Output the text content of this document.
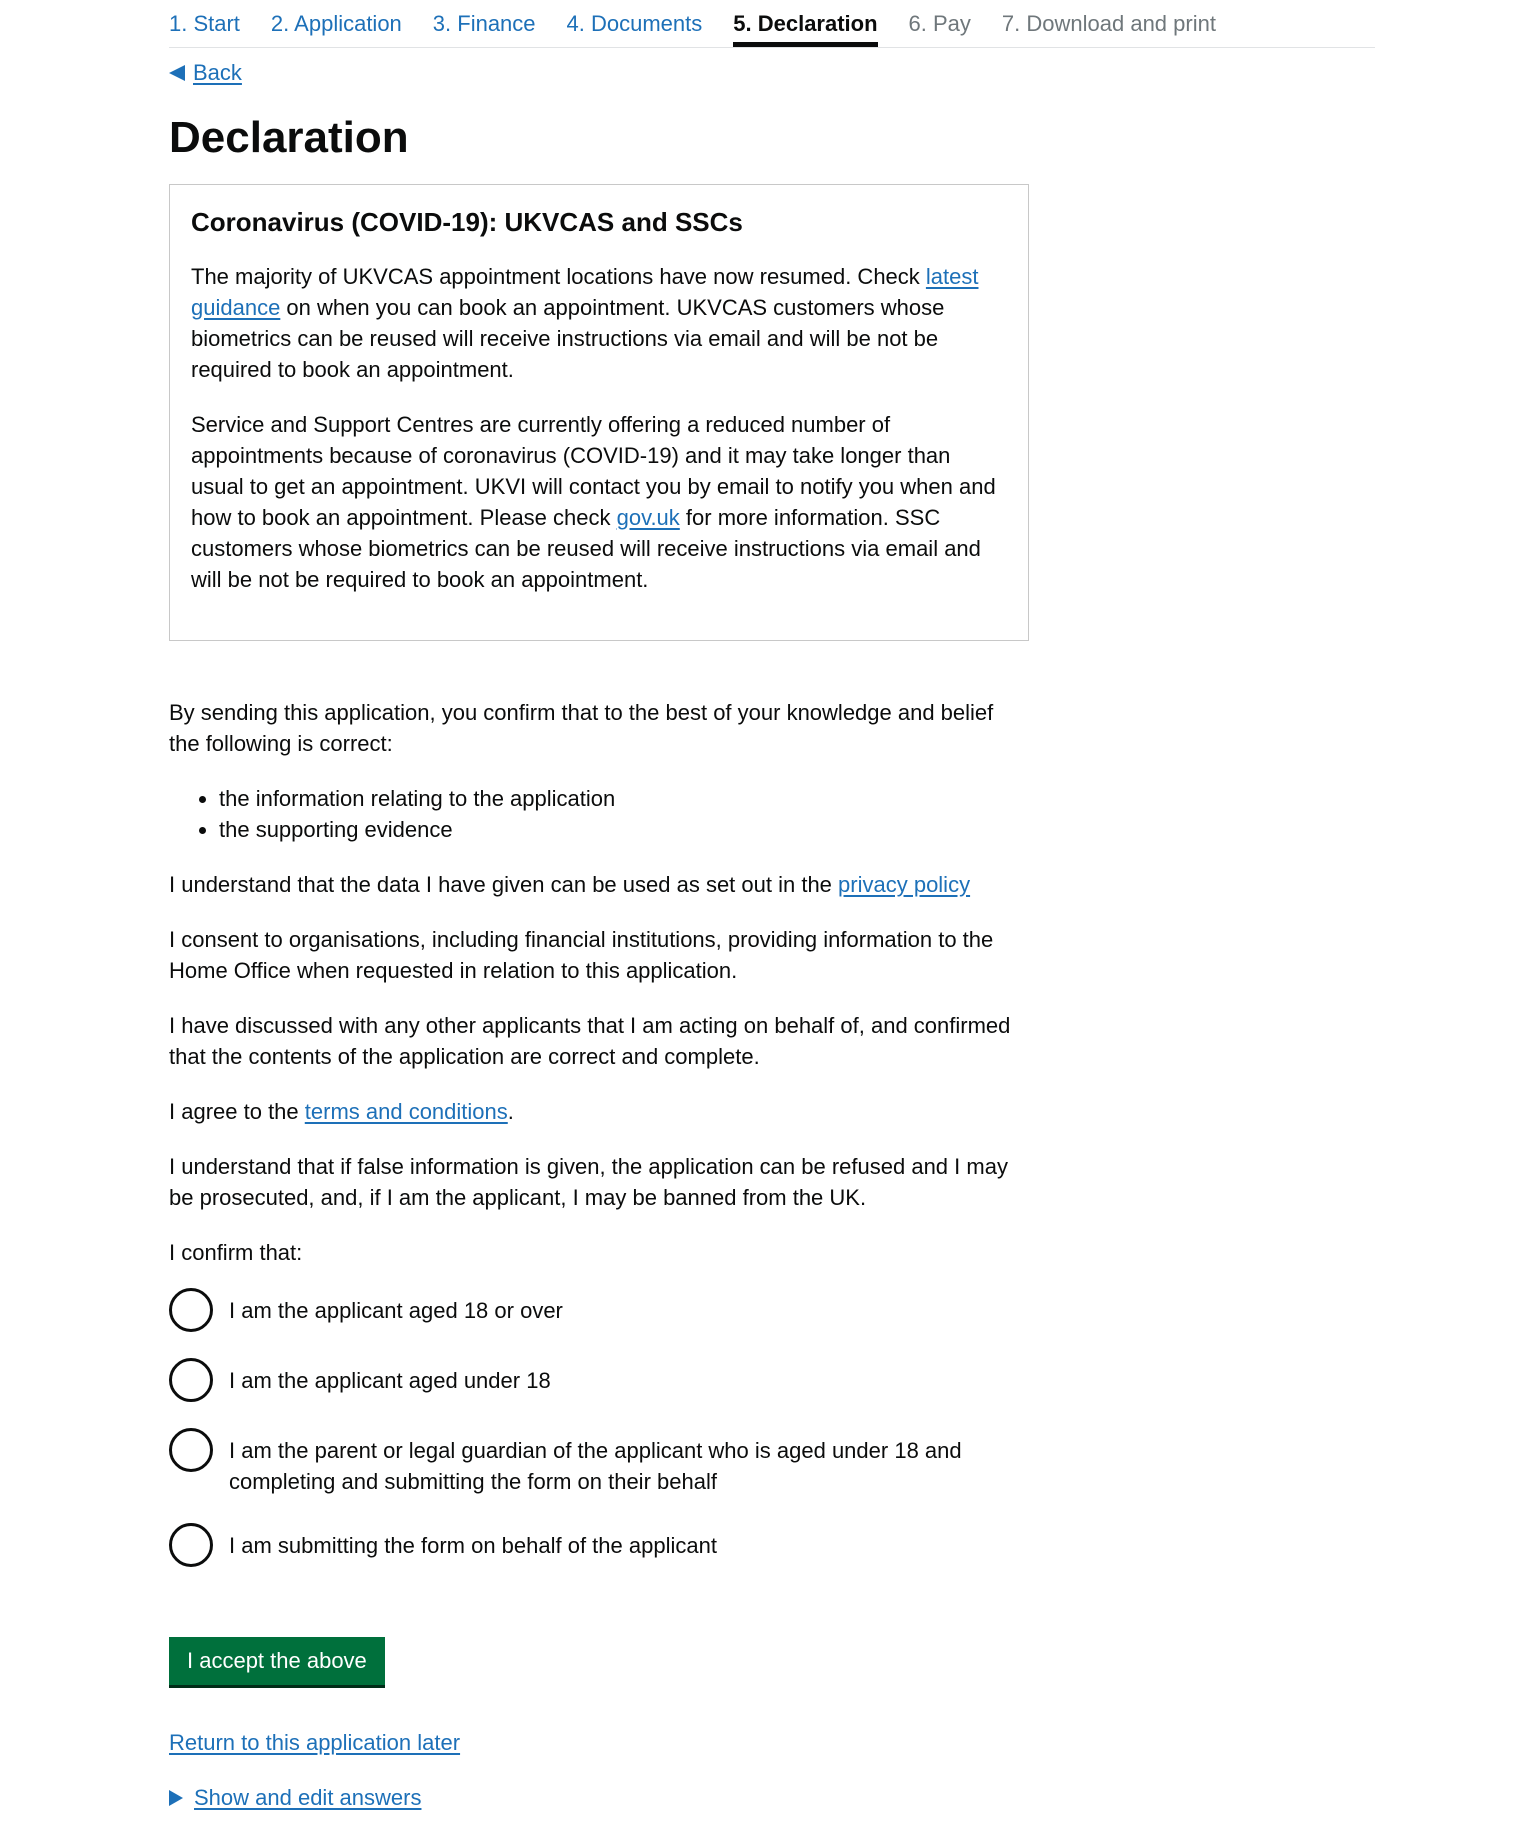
1. Start 2. Application 3. Finance 4. Documents 5. Declaration 6. Pay 7. Download and print
Back
Declaration
Coronavirus (COVID-19): UKVCAS and SSCs

The majority of UKVCAS appointment locations have now resumed. Check latest guidance on when you can book an appointment. UKVCAS customers whose biometrics can be reused will receive instructions via email and will be not be required to book an appointment.

Service and Support Centres are currently offering a reduced number of appointments because of coronavirus (COVID-19) and it may take longer than usual to get an appointment. UKVI will contact you by email to notify you when and how to book an appointment. Please check gov.uk for more information. SSC customers whose biometrics can be reused will receive instructions via email and will be not be required to book an appointment.

By sending this application, you confirm that to the best of your knowledge and belief the following is correct:

• the information relating to the application
• the supporting evidence

I understand that the data I have given can be used as set out in the privacy policy

I consent to organisations, including financial institutions, providing information to the Home Office when requested in relation to this application.

I have discussed with any other applicants that I am acting on behalf of, and confirmed that the contents of the application are correct and complete.

I agree to the terms and conditions.

I understand that if false information is given, the application can be refused and I may be prosecuted, and, if I am the applicant, I may be banned from the UK.

I confirm that:

I am the applicant aged 18 or over
I am the applicant aged under 18
I am the parent or legal guardian of the applicant who is aged under 18 and completing and submitting the form on their behalf
I am submitting the form on behalf of the applicant
I accept the above
Return to this application later
Show and edit answers
